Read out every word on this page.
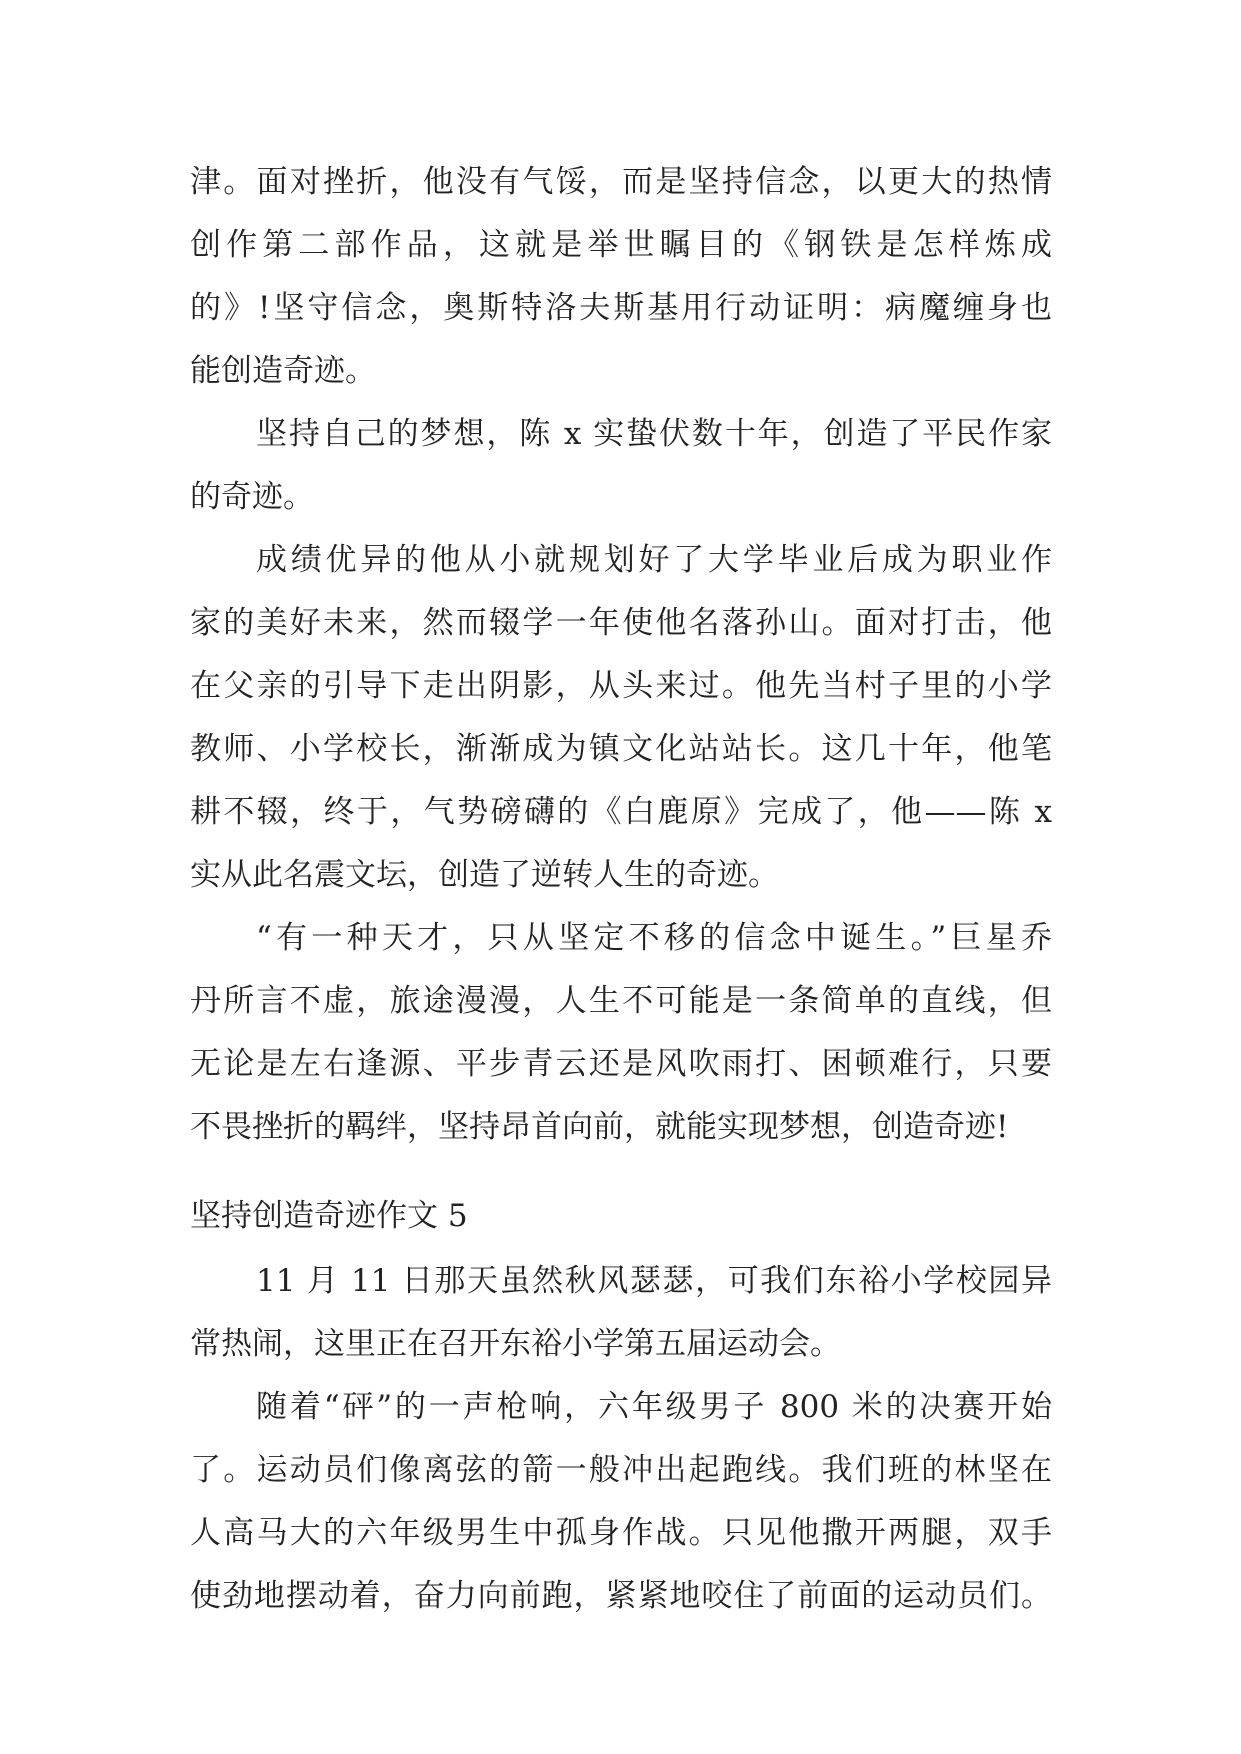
津。面对挫折，他没有气馁，而是坚持信念，以更大的热情
创作第二部作品，这就是举世瞩目的《钢铁是怎样炼成
的》!坚守信念，奥斯特洛夫斯基用行动证明：病魔缠身也
能创造奇迹。
坚持自己的梦想，陈 x 实蛰伏数十年，创造了平民作家
的奇迹。
成绩优异的他从小就规划好了大学毕业后成为职业作
家的美好未来，然而辍学一年使他名落孙山。面对打击，他
在父亲的引导下走出阴影，从头来过。他先当村子里的小学
教师、小学校长，渐渐成为镇文化站站长。这几十年，他笔
耕不辍，终于，气势磅礴的《白鹿原》完成了，他——陈 x
实从此名震文坛，创造了逆转人生的奇迹。
“有一种天才，只从坚定不移的信念中诞生。”巨星乔
丹所言不虚，旅途漫漫，人生不可能是一条简单的直线，但
无论是左右逢源、平步青云还是风吹雨打、困顿难行，只要
不畏挫折的羁绊，坚持昂首向前，就能实现梦想，创造奇迹!
坚持创造奇迹作文 5
11 月 11 日那天虽然秋风瑟瑟，可我们东裕小学校园异
常热闹，这里正在召开东裕小学第五届运动会。
随着“砰”的一声枪响，六年级男子 800 米的决赛开始
了。运动员们像离弦的箭一般冲出起跑线。我们班的林坚在
人高马大的六年级男生中孤身作战。只见他撒开两腿，双手
使劲地摆动着，奋力向前跑，紧紧地咬住了前面的运动员们。
